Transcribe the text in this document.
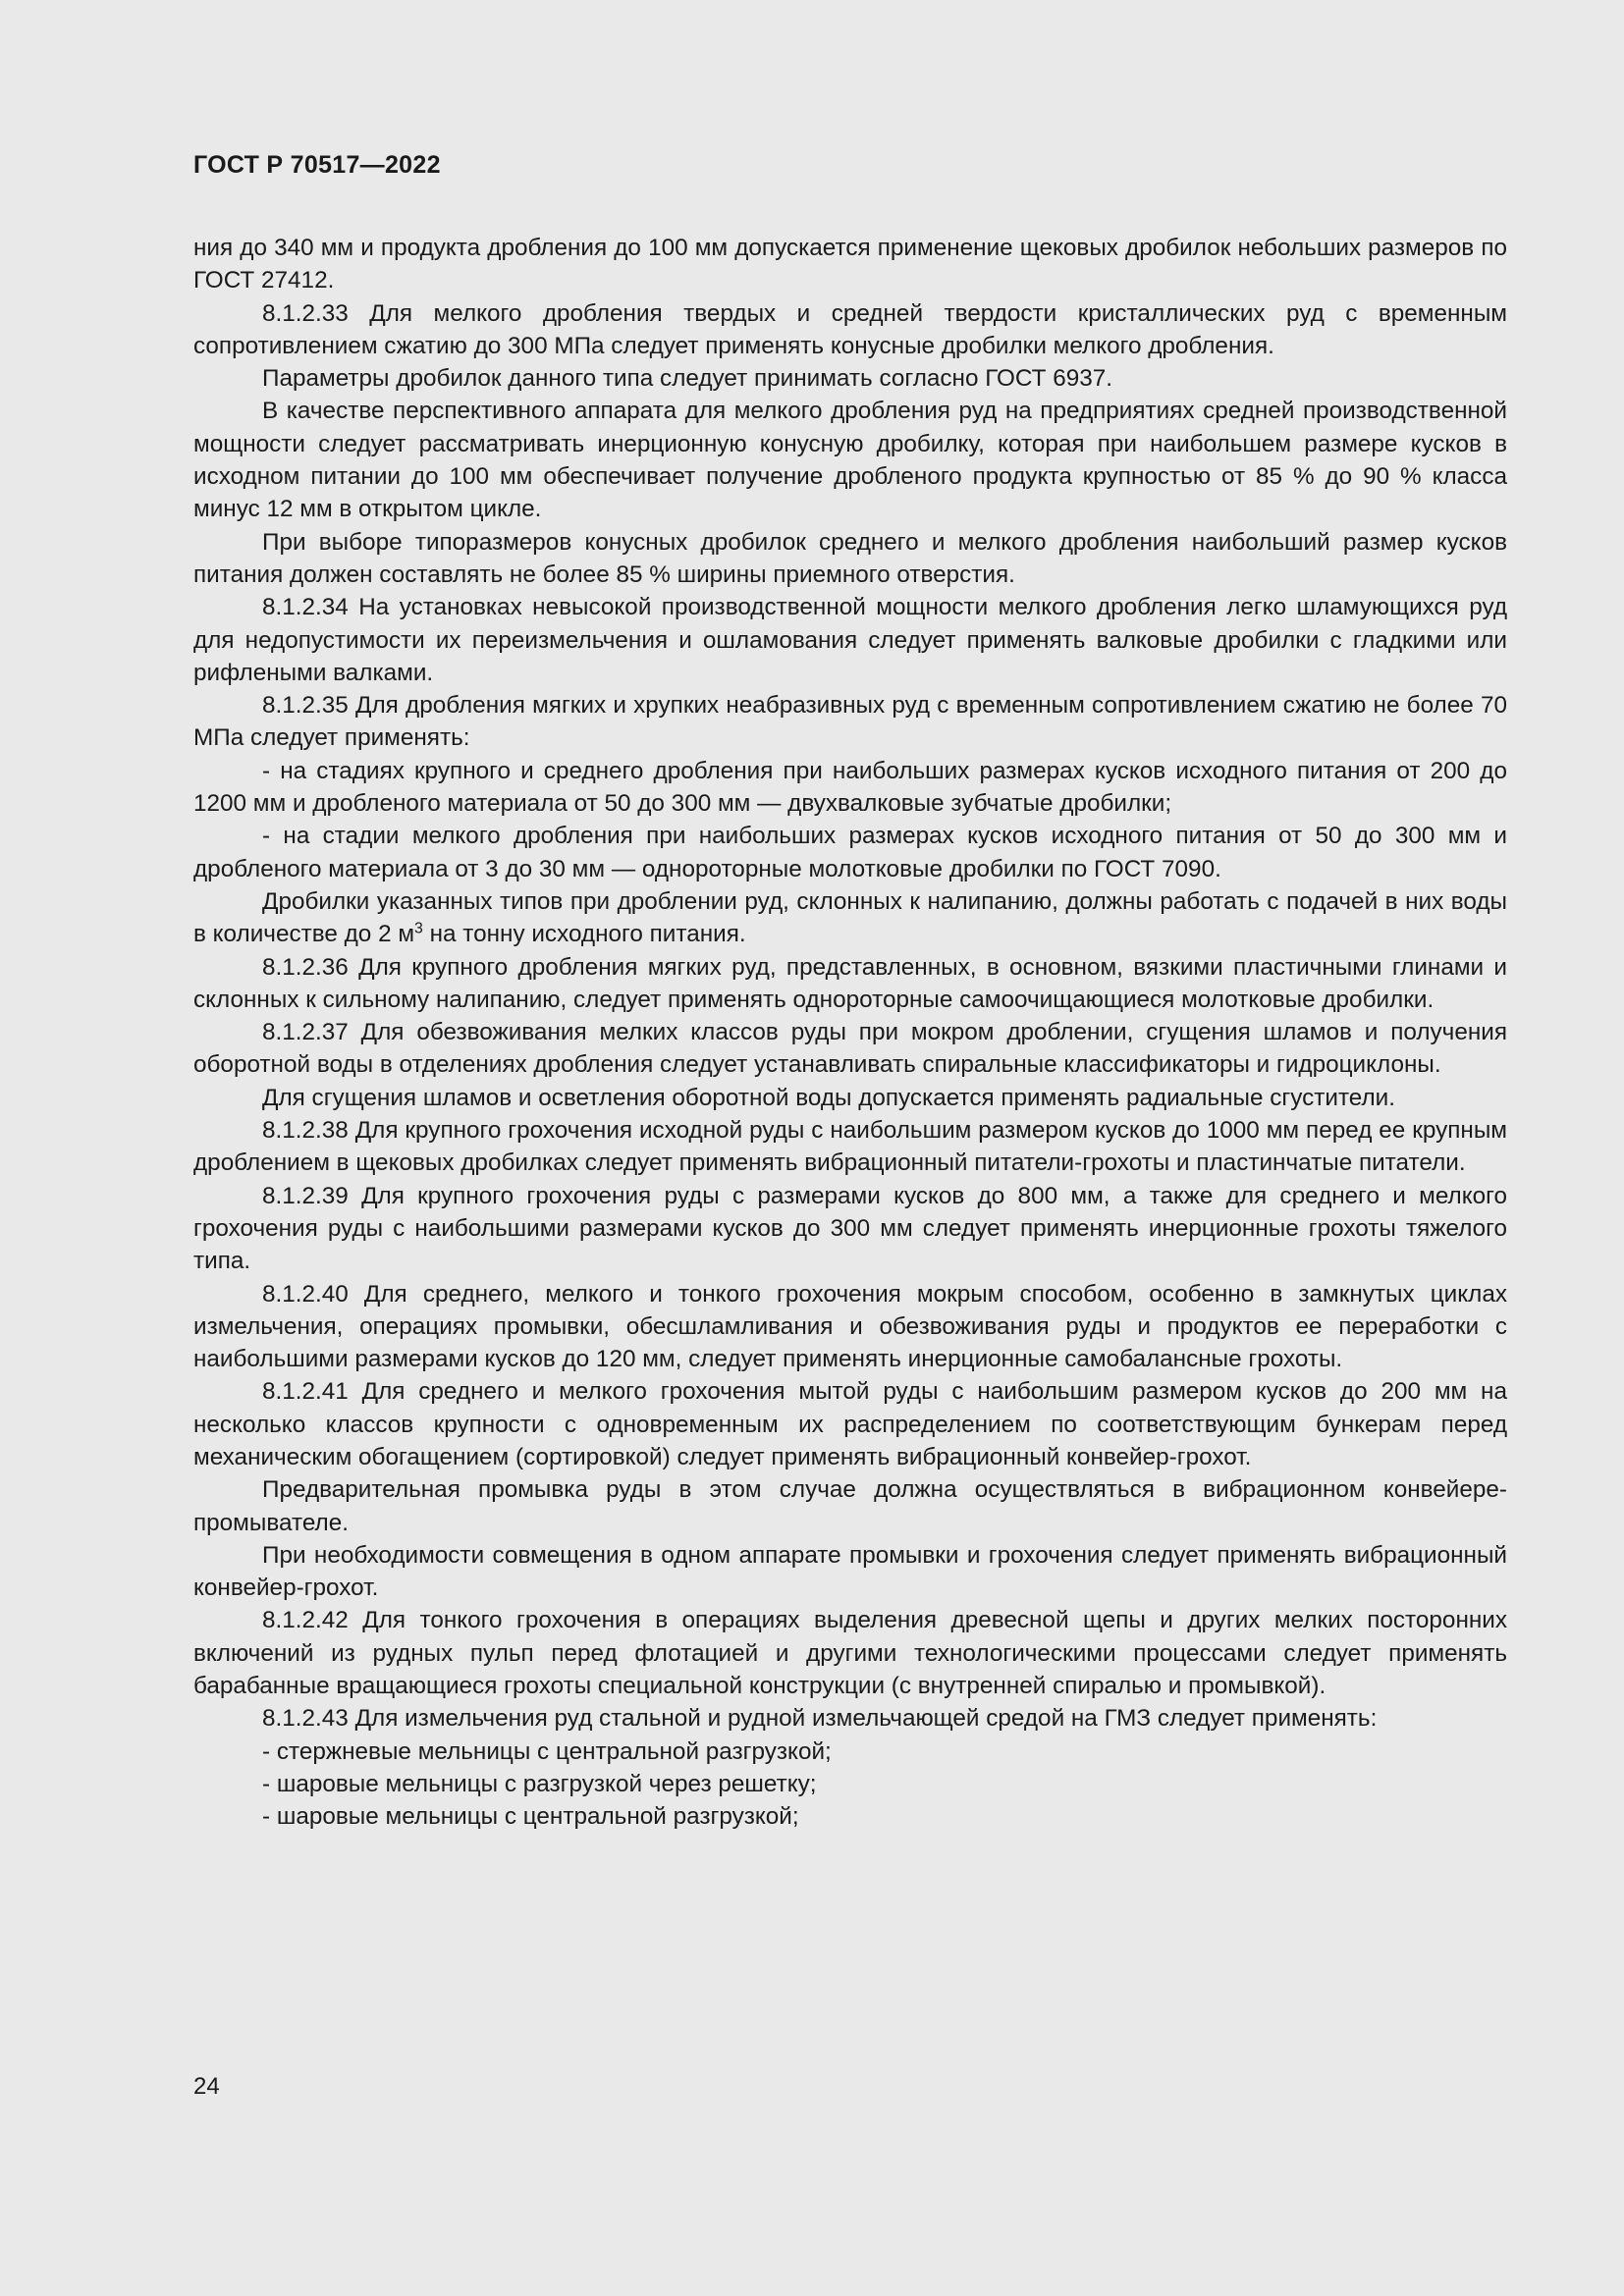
ГОСТ Р 70517—2022

ния до 340 мм и продукта дробления до 100 мм допускается применение щековых дробилок небольших размеров по ГОСТ 27412.

8.1.2.33 Для мелкого дробления твердых и средней твердости кристаллических руд с временным сопротивлением сжатию до 300 МПа следует применять конусные дробилки мелкого дробления.

Параметры дробилок данного типа следует принимать согласно ГОСТ 6937.

В качестве перспективного аппарата для мелкого дробления руд на предприятиях средней производственной мощности следует рассматривать инерционную конусную дробилку, которая при наибольшем размере кусков в исходном питании до 100 мм обеспечивает получение дробленого продукта крупностью от 85 % до 90 % класса минус 12 мм в открытом цикле.

При выборе типоразмеров конусных дробилок среднего и мелкого дробления наибольший размер кусков питания должен составлять не более 85 % ширины приемного отверстия.

8.1.2.34 На установках невысокой производственной мощности мелкого дробления легко шламующихся руд для недопустимости их переизмельчения и ошламования следует применять валковые дробилки с гладкими или рифлеными валками.

8.1.2.35 Для дробления мягких и хрупких неабразивных руд с временным сопротивлением сжатию не более 70 МПа следует применять:

- на стадиях крупного и среднего дробления при наибольших размерах кусков исходного питания от 200 до 1200 мм и дробленого материала от 50 до 300 мм — двухвалковые зубчатые дробилки;

- на стадии мелкого дробления при наибольших размерах кусков исходного питания от 50 до 300 мм и дробленого материала от 3 до 30 мм — однороторные молотковые дробилки по ГОСТ 7090.

Дробилки указанных типов при дроблении руд, склонных к налипанию, должны работать с подачей в них воды в количестве до 2 $м^3$ на тонну исходного питания.

8.1.2.36 Для крупного дробления мягких руд, представленных, в основном, вязкими пластичными глинами и склонных к сильному налипанию, следует применять однороторные самоочищающиеся молотковые дробилки.

8.1.2.37 Для обезвоживания мелких классов руды при мокром дроблении, сгущения шламов и получения оборотной воды в отделениях дробления следует устанавливать спиральные классификаторы и гидроциклоны.

Для сгущения шламов и осветления оборотной воды допускается применять радиальные сгустители.

8.1.2.38 Для крупного грохочения исходной руды с наибольшим размером кусков до 1000 мм перед ее крупным дроблением в щековых дробилках следует применять вибрационный питатели-грохоты и пластинчатые питатели.

8.1.2.39 Для крупного грохочения руды с размерами кусков до 800 мм, а также для среднего и мелкого грохочения руды с наибольшими размерами кусков до 300 мм следует применять инерционные грохоты тяжелого типа.

8.1.2.40 Для среднего, мелкого и тонкого грохочения мокрым способом, особенно в замкнутых циклах измельчения, операциях промывки, обесшламливания и обезвоживания руды и продуктов ее переработки с наибольшими размерами кусков до 120 мм, следует применять инерционные самобалансные грохоты.

8.1.2.41 Для среднего и мелкого грохочения мытой руды с наибольшим размером кусков до 200 мм на несколько классов крупности с одновременным их распределением по соответствующим бункерам перед механическим обогащением (сортировкой) следует применять вибрационный конвейер-грохот.

Предварительная промывка руды в этом случае должна осуществляться в вибрационном конвейере-промывателе.

При необходимости совмещения в одном аппарате промывки и грохочения следует применять вибрационный конвейер-грохот.

8.1.2.42 Для тонкого грохочения в операциях выделения древесной щепы и других мелких посторонних включений из рудных пульп перед флотацией и другими технологическими процессами следует применять барабанные вращающиеся грохоты специальной конструкции (с внутренней спиралью и промывкой).

8.1.2.43 Для измельчения руд стальной и рудной измельчающей средой на ГМЗ следует применять:

- стержневые мельницы с центральной разгрузкой;

- шаровые мельницы с разгрузкой через решетку;

- шаровые мельницы с центральной разгрузкой;

24
